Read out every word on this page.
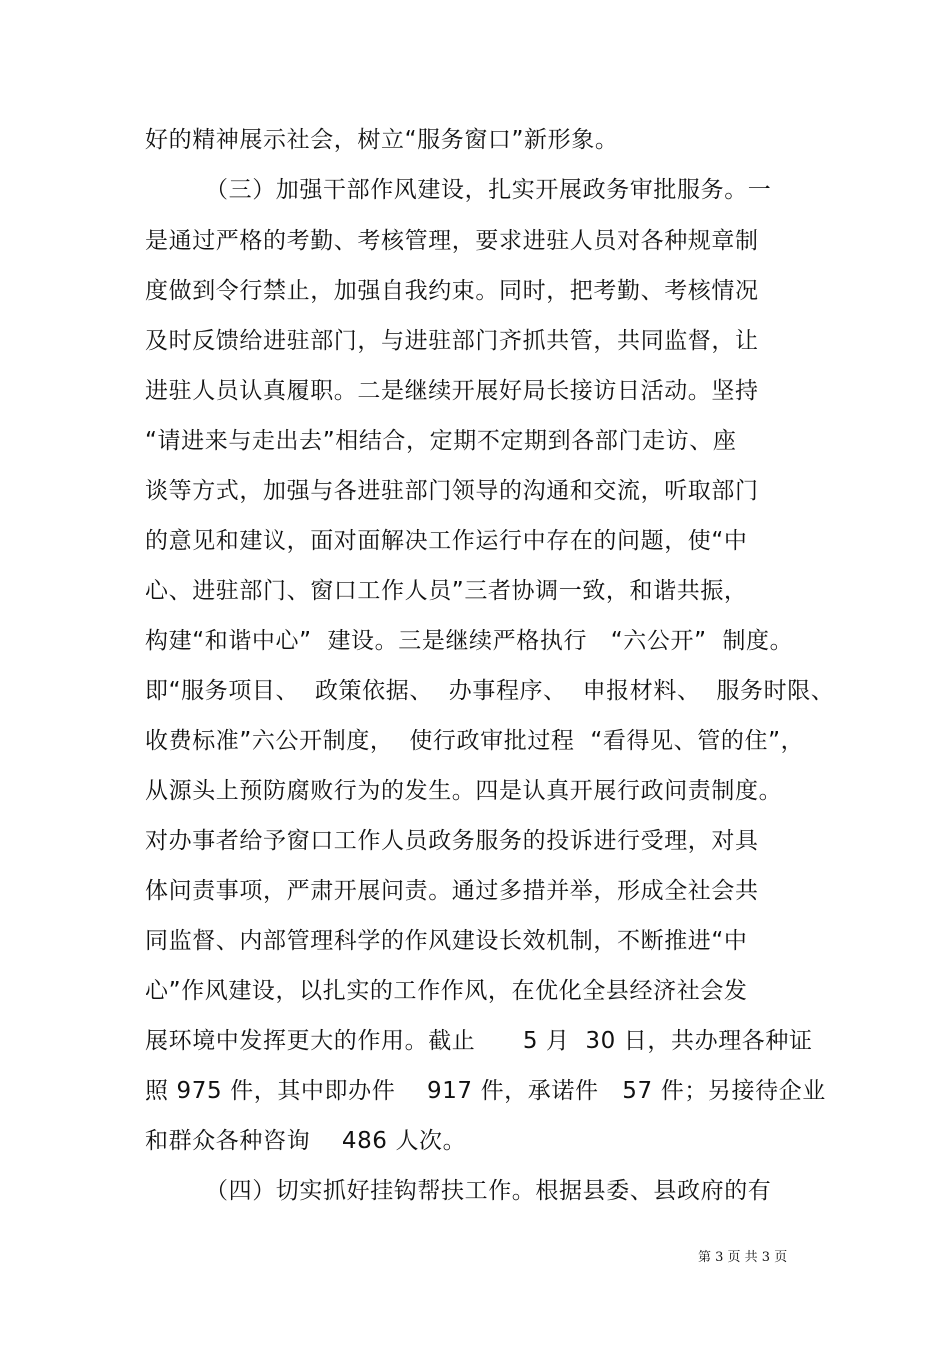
好的精神展示社会，树立“服务窗口”新形象。
（三）加强干部作风建设，扎实开展政务审批服务。一
是通过严格的考勤、考核管理，要求进驻人员对各种规章制
度做到令行禁止，加强自我约束。同时，把考勤、考核情况
及时反馈给进驻部门，与进驻部门齐抓共管，共同监督，让
进驻人员认真履职。二是继续开展好局长接访日活动。坚持
“请进来与走出去”相结合，定期不定期到各部门走访、座
谈等方式，加强与各进驻部门领导的沟通和交流，听取部门
的意见和建议，面对面解决工作运行中存在的问题，使“中
心、进驻部门、窗口工作人员”三者协调一致，和谐共振，
构建“和谐中心”  建设。三是继续严格执行   “六公开”  制度。
即“服务项目、  政策依据、  办事程序、  申报材料、  服务时限、
收费标准”六公开制度，  使行政审批过程  “看得见、管的住”，
从源头上预防腐败行为的发生。四是认真开展行政问责制度。
对办事者给予窗口工作人员政务服务的投诉进行受理，对具
体问责事项，严肃开展问责。通过多措并举，形成全社会共
同监督、内部管理科学的作风建设长效机制，不断推进“中
心”作风建设，以扎实的工作作风，在优化全县经济社会发
展环境中发挥更大的作用。截止      5 月  30 日，共办理各种证
照 975 件，其中即办件    917 件，承诺件   57 件；另接待企业
和群众各种咨询    486 人次。
（四）切实抓好挂钩帮扶工作。根据县委、县政府的有
第 3 页 共 3 页
